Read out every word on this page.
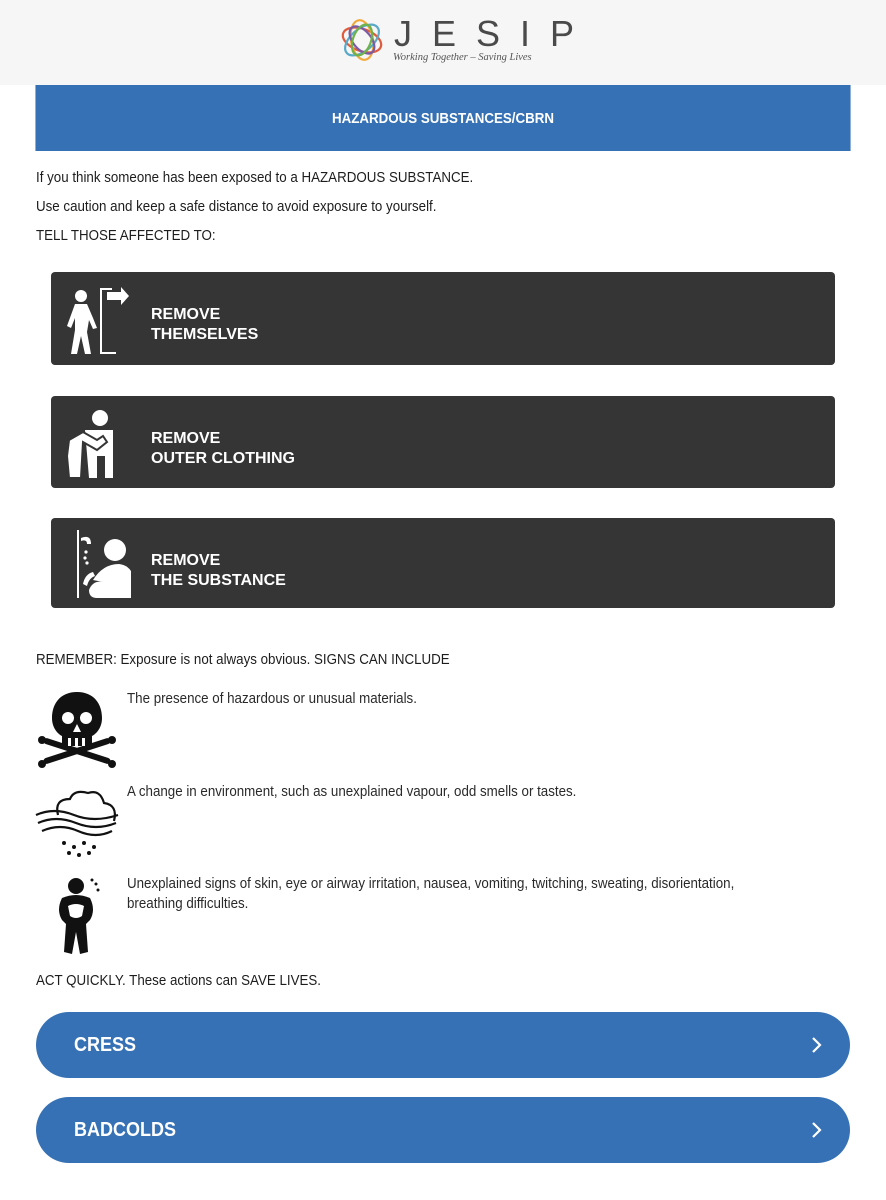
JESIP
Working Together – Saving Lives
HAZARDOUS SUBSTANCES/CBRN
If you think someone has been exposed to a HAZARDOUS SUBSTANCE.
Use caution and keep a safe distance to avoid exposure to yourself.
TELL THOSE AFFECTED TO:
REMOVE
THEMSELVES
REMOVE
OUTER CLOTHING
REMOVE
THE SUBSTANCE
REMEMBER: Exposure is not always obvious. SIGNS CAN INCLUDE
The presence of hazardous or unusual materials.
A change in environment, such as unexplained vapour, odd smells or tastes.
Unexplained signs of skin, eye or airway irritation, nausea, vomiting, twitching, sweating, disorientation, breathing difficulties.
ACT QUICKLY. These actions can SAVE LIVES.
CRESS
BADCOLDS
